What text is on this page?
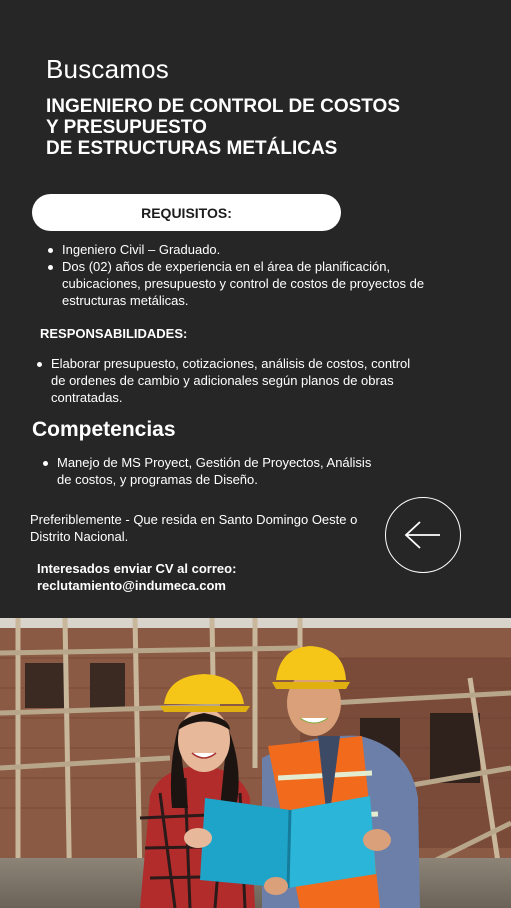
Buscamos
INGENIERO DE CONTROL DE COSTOS
Y PRESUPUESTO
DE ESTRUCTURAS METÁLICAS
REQUISITOS:
Ingeniero Civil – Graduado.
Dos (02) años de experiencia en el área de planificación, cubicaciones, presupuesto y control de costos de proyectos de estructuras metálicas.
RESPONSABILIDADES:
Elaborar presupuesto, cotizaciones, análisis de costos, control de ordenes de cambio y adicionales según planos de obras contratadas.
Competencias
Manejo de MS Proyect, Gestión de Proyectos, Análisis de costos, y programas de Diseño.
Preferiblemente - Que resida en Santo Domingo Oeste o Distrito Nacional.
Interesados enviar CV al correo:
reclutamiento@indumeca.com
